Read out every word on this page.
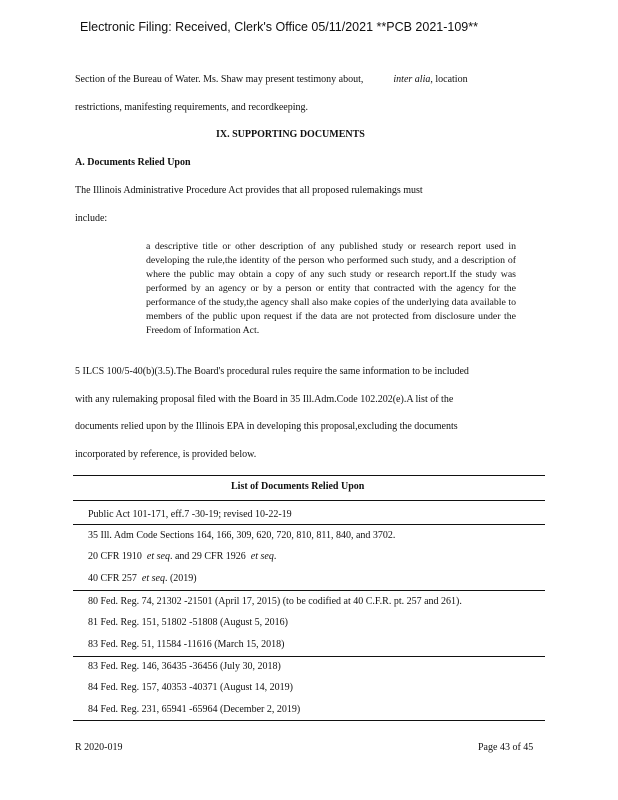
Electronic Filing: Received, Clerk's Office 05/11/2021 **PCB 2021-109**
Section of the Bureau of Water. Ms. Shaw may present testimony about,	inter alia, location
restrictions, manifesting requirements, and recordkeeping.
IX. SUPPORTING DOCUMENTS
A. Documents Relied Upon
The Illinois Administrative Procedure Act provides that all proposed rulemakings must
include:
a descriptive title or other description of any published study or research report used in developing the rule,the identity of the person who performed such study, and a description of where the public may obtain a copy of any such study or research report.If the study was performed by an agency or by a person or entity that contracted with the agency for the performance of the study,the agency shall also make copies of the underlying data available to members of the public upon request if the data are not protected from disclosure under the Freedom of Information Act.
5 ILCS 100/5-40(b)(3.5).The Board's procedural rules require the same information to be included
with any rulemaking proposal filed with the Board in 35 Ill.Adm.Code 102.202(e).A list of the
documents relied upon by the Illinois EPA in developing this proposal,excluding the documents
incorporated by reference, is provided below.
List of Documents Relied Upon
Public Act 101-171, eff.7 -30-19; revised 10-22-19
35 Ill. Adm Code Sections 164, 166, 309, 620, 720, 810, 811, 840, and 3702.
20 CFR 1910 et seq. and 29 CFR 1926 et seq.
40 CFR 257 et seq. (2019)
80 Fed. Reg. 74, 21302 -21501 (April 17, 2015) (to be codified at 40 C.F.R. pt. 257 and 261).
81 Fed. Reg. 151, 51802 -51808 (August 5, 2016)
83 Fed. Reg. 51, 11584 -11616 (March 15, 2018)
83 Fed. Reg. 146, 36435 -36456 (July 30, 2018)
84 Fed. Reg. 157, 40353 -40371 (August 14, 2019)
84 Fed. Reg. 231, 65941 -65964 (December 2, 2019)
R 2020-019	Page 43 of 45
